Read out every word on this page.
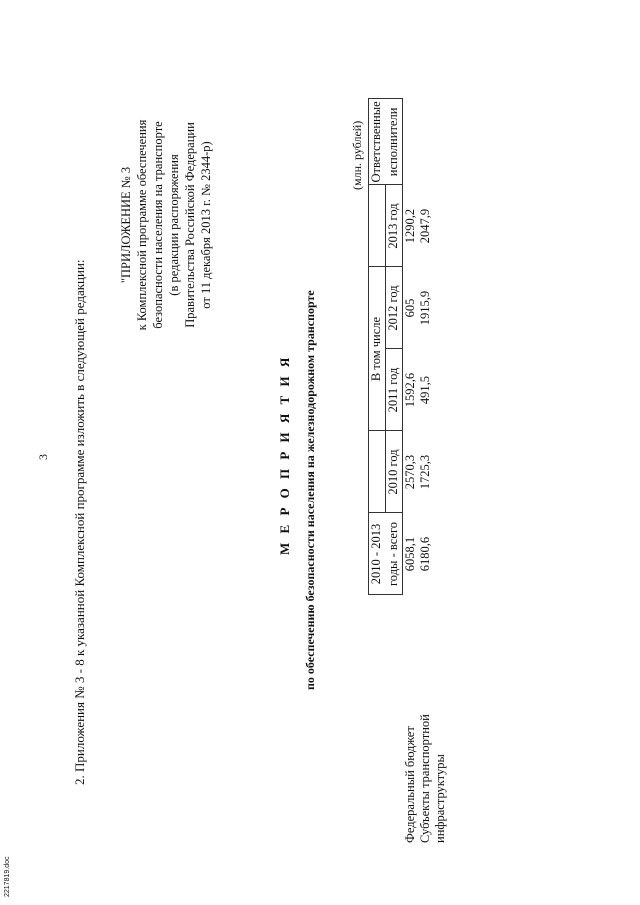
3 2. Приложения № 3 - 8 к указанной Комплексной программе изложить в следующей редакции:
"ПРИЛОЖЕНИЕ № 3 к Комплексной программе обеспечения безопасности населения на транспорте (в редакции распоряжения Правительства Российской Федерации от 11 декабря 2013 г. № 2344-р)
М Е Р О П Р И Я Т И Я по обеспечению безопасности населения на железнодорожном транспорте
(млн. рублей)
	2010 - 2013		В том числе			Ответственные
	годы - всего	2010 год	2011 год	2012 год	2013 год	исполнители
Федеральный бюджет	6058,1	2570,3	1592,6	605	1290,2	

Субъекты транспортной инфраструктуры	6180,6	1725,3	491,5	1915,9	2047,9	
2217819.doc
